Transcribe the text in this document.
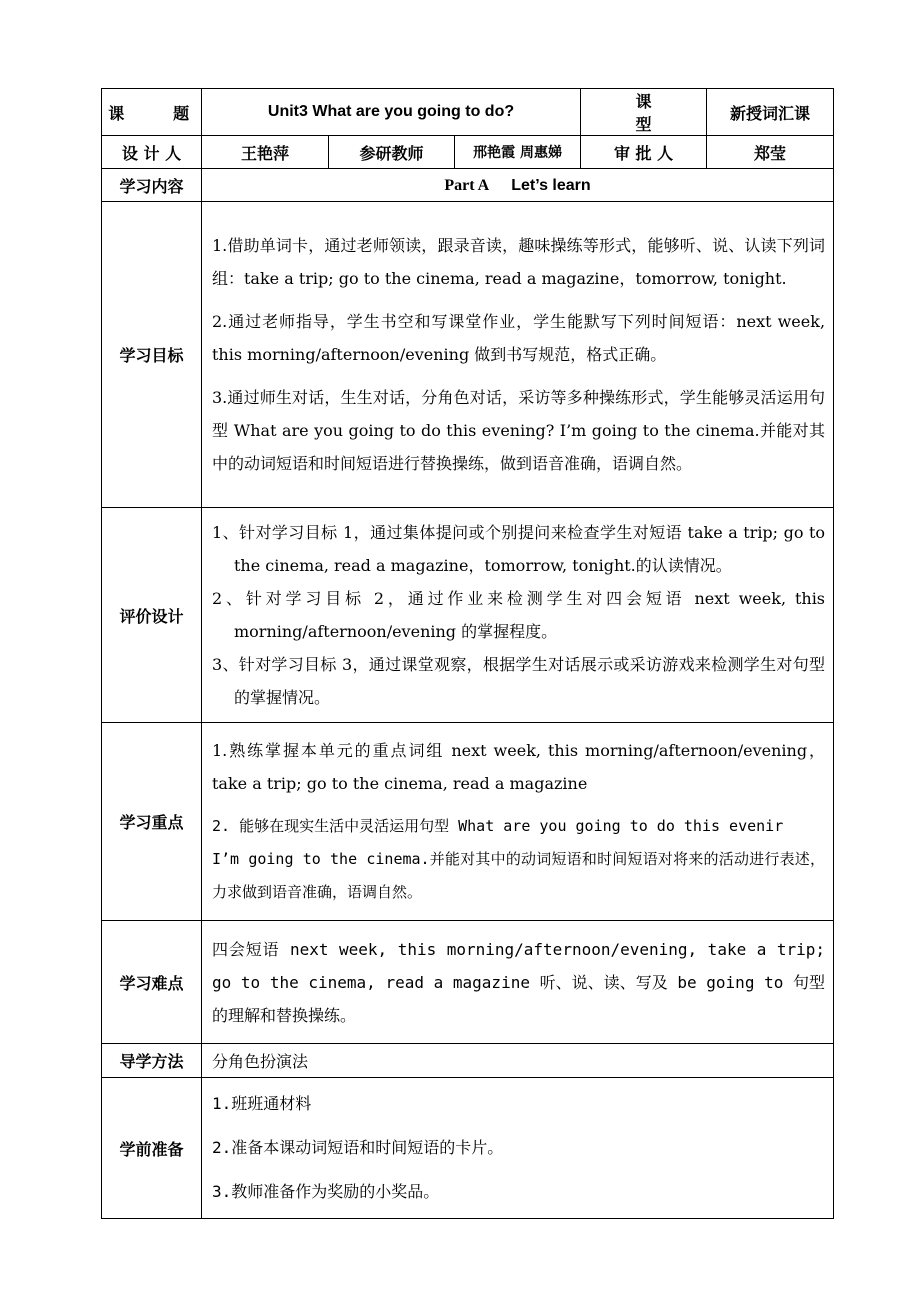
课　　题	Unit3 What are you going to do?			课　型	新授词汇课
设 计 人	王艳萍	参研教师	邢艳霞 周惠娣	审 批 人	郑莹
学习内容	Part A Let’s learn				
学习目标	1.借助单词卡，通过老师领读，跟录音读，趣味操练等形式，能够听、说、认读下列词组：take a trip; go to the cinema, read a magazine，tomorrow, tonight.

2.通过老师指导，学生书空和写课堂作业，学生能默写下列时间短语：next week, this morning/afternoon/evening 做到书写规范，格式正确。

3.通过师生对话，生生对话，分角色对话，采访等多种操练形式，学生能够灵活运用句型 What are you going to do this evening? I’m going to the cinema.并能对其中的动词短语和时间短语进行替换操练，做到语音准确，语调自然。				

评价设计	1、针对学习目标 1，通过集体提问或个别提问来检查学生对短语 take a trip; go to the cinema, read a magazine，tomorrow, tonight.的认读情况。

2、针对学习目标 2，通过作业来检测学生对四会短语 next week, this morning/afternoon/evening 的掌握程度。

3、针对学习目标 3，通过课堂观察，根据学生对话展示或采访游戏来检测学生对句型的掌握情况。				

学习重点	1.熟练掌握本单元的重点词组 next week, this morning/afternoon/evening，take a trip; go to the cinema, read a magazine

2. 能够在现实生活中灵活运用句型 What are you going to do this evenir

I’m going to the cinema.并能对其中的动词短语和时间短语对将来的活动进行表述，力求做到语音准确，语调自然。				

学习难点	四会短语 next week, this morning/afternoon/evening, take a trip; go to the cinema, read a magazine 听、说、读、写及 be going to 句型的理解和替换操练。				

导学方法	分角色扮演法				
学前准备	1.班班通材料

2.准备本课动词短语和时间短语的卡片。

3.教师准备作为奖励的小奖品。				
